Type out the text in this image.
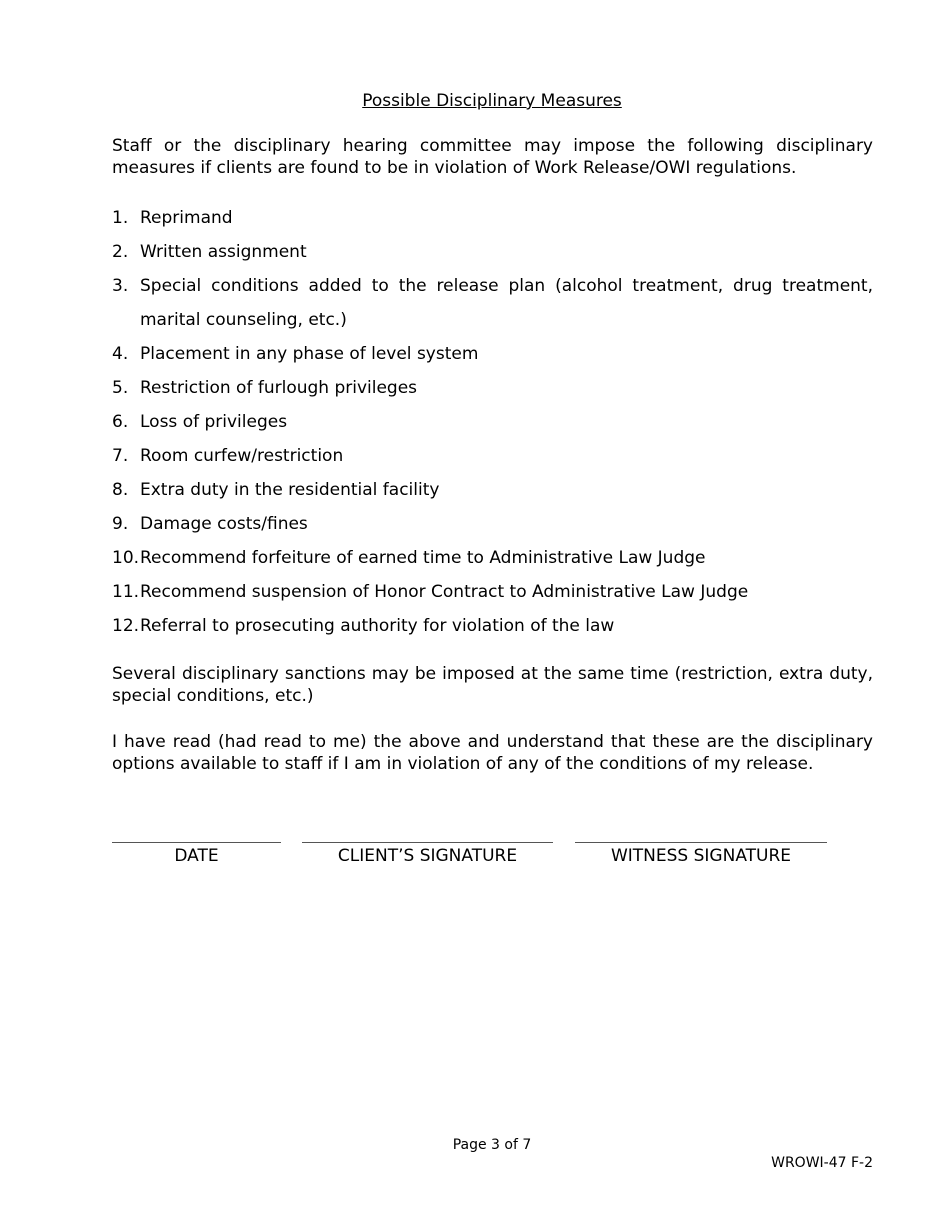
Possible Disciplinary Measures

Staff or the disciplinary hearing committee may impose the following disciplinary measures if clients are found to be in violation of Work Release/OWI regulations.

1. Reprimand
2. Written assignment
3. Special conditions added to the release plan (alcohol treatment, drug treatment, marital counseling, etc.)
4. Placement in any phase of level system
5. Restriction of furlough privileges
6. Loss of privileges
7. Room curfew/restriction
8. Extra duty in the residential facility
9. Damage costs/fines
10. Recommend forfeiture of earned time to Administrative Law Judge
11. Recommend suspension of Honor Contract to Administrative Law Judge
12. Referral to prosecuting authority for violation of the law

Several disciplinary sanctions may be imposed at the same time (restriction, extra duty, special conditions, etc.)

I have read (had read to me) the above and understand that these are the disciplinary options available to staff if I am in violation of any of the conditions of my release.

DATE	CLIENT’S SIGNATURE	WITNESS SIGNATURE
Page 3 of 7
WROWI-47 F-2
